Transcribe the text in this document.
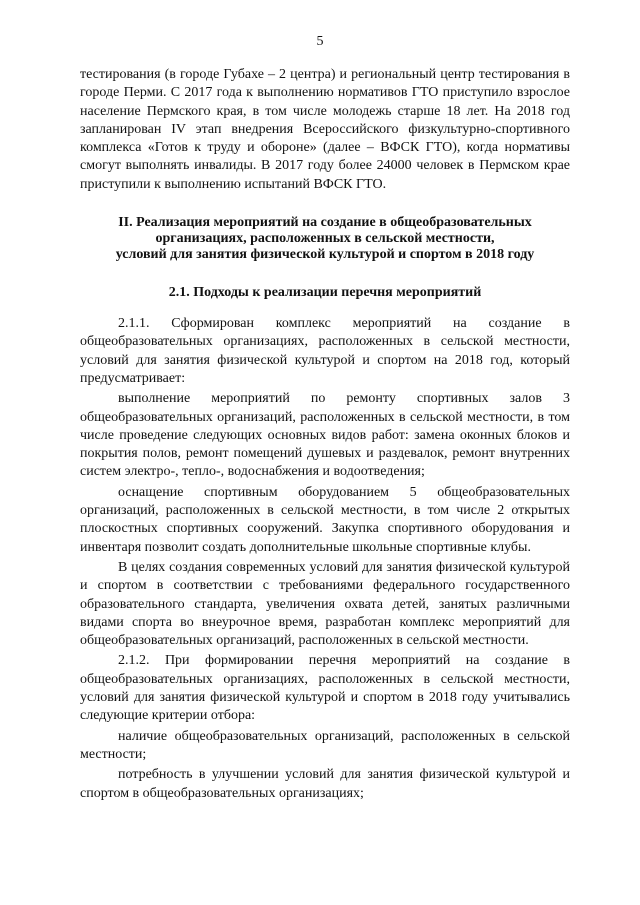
5

тестирования (в городе Губахе – 2 центра) и региональный центр тестирования в городе Перми. С 2017 года к выполнению нормативов ГТО приступило взрослое население Пермского края, в том числе молодежь старше 18 лет. На 2018 год запланирован IV этап внедрения Всероссийского физкультурно-спортивного комплекса «Готов к труду и обороне» (далее – ВФСК ГТО), когда нормативы смогут выполнять инвалиды. В 2017 году более 24000 человек в Пермском крае приступили к выполнению испытаний ВФСК ГТО.

II. Реализация мероприятий на создание в общеобразовательных
организациях, расположенных в сельской местности,
условий для занятия физической культурой и спортом в 2018 году
2.1. Подходы к реализации перечня мероприятий

2.1.1. Сформирован комплекс мероприятий на создание в общеобразовательных организациях, расположенных в сельской местности, условий для занятия физической культурой и спортом на 2018 год, который предусматривает:

выполнение мероприятий по ремонту спортивных залов 3 общеобразовательных организаций, расположенных в сельской местности, в том числе проведение следующих основных видов работ: замена оконных блоков и покрытия полов, ремонт помещений душевых и раздевалок, ремонт внутренних систем электро-, тепло-, водоснабжения и водоотведения;

оснащение спортивным оборудованием 5 общеобразовательных организаций, расположенных в сельской местности, в том числе 2 открытых плоскостных спортивных сооружений. Закупка спортивного оборудования и инвентаря позволит создать дополнительные школьные спортивные клубы.

В целях создания современных условий для занятия физической культурой и спортом в соответствии с требованиями федерального государственного образовательного стандарта, увеличения охвата детей, занятых различными видами спорта во внеурочное время, разработан комплекс мероприятий для общеобразовательных организаций, расположенных в сельской местности.

2.1.2. При формировании перечня мероприятий на создание в общеобразовательных организациях, расположенных в сельской местности, условий для занятия физической культурой и спортом в 2018 году учитывались следующие критерии отбора:

наличие общеобразовательных организаций, расположенных в сельской местности;

потребность в улучшении условий для занятия физической культурой и спортом в общеобразовательных организациях;
